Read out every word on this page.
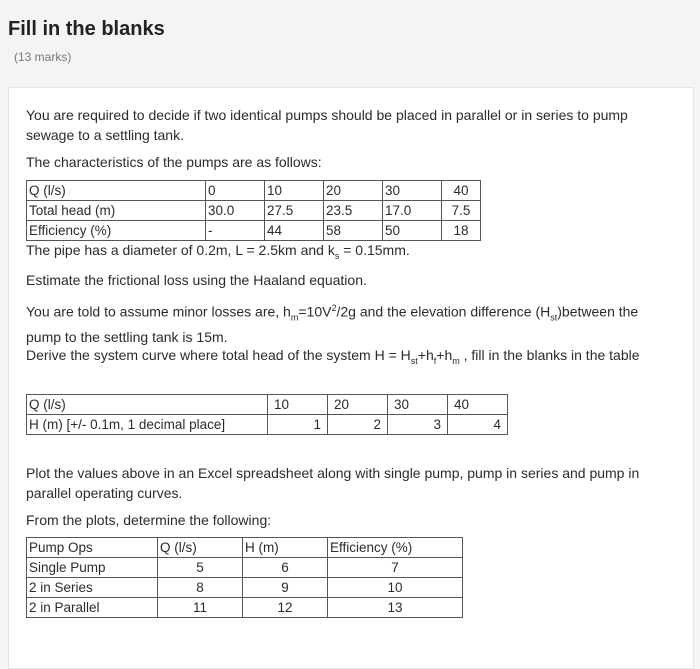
Fill in the blanks
(13 marks)
You are required to decide if two identical pumps should be placed in parallel or in series to pump sewage to a settling tank.
The characteristics of the pumps are as follows:
Q (l/s)	0	10	20	30	40
Total head (m)	30.0	27.5	23.5	17.0	7.5
Efficiency (%)	-	44	58	50	18
The pipe has a diameter of 0.2m, L = 2.5km and $k_s = 0.15mm$.
Estimate the frictional loss using the Haaland equation.
You are told to assume minor losses are, $h_m=10V^2/2g$ and the elevation difference $(H_{st})between$ the pump to the settling tank is 15m.
Derive the system curve where total head of the system $H = H_{st}+h_f+h_m$ , fill in the blanks in the table
Q (l/s)	10	20	30	40
H (m) [+/- 0.1m, 1 decimal place]	1	2	3	4
Plot the values above in an Excel spreadsheet along with single pump, pump in series and pump in parallel operating curves.
From the plots, determine the following:
Pump Ops	Q (l/s)	H (m)	Efficiency (%)
Single Pump	5	6	7
2 in Series	8	9	10
2 in Parallel	11	12	13
